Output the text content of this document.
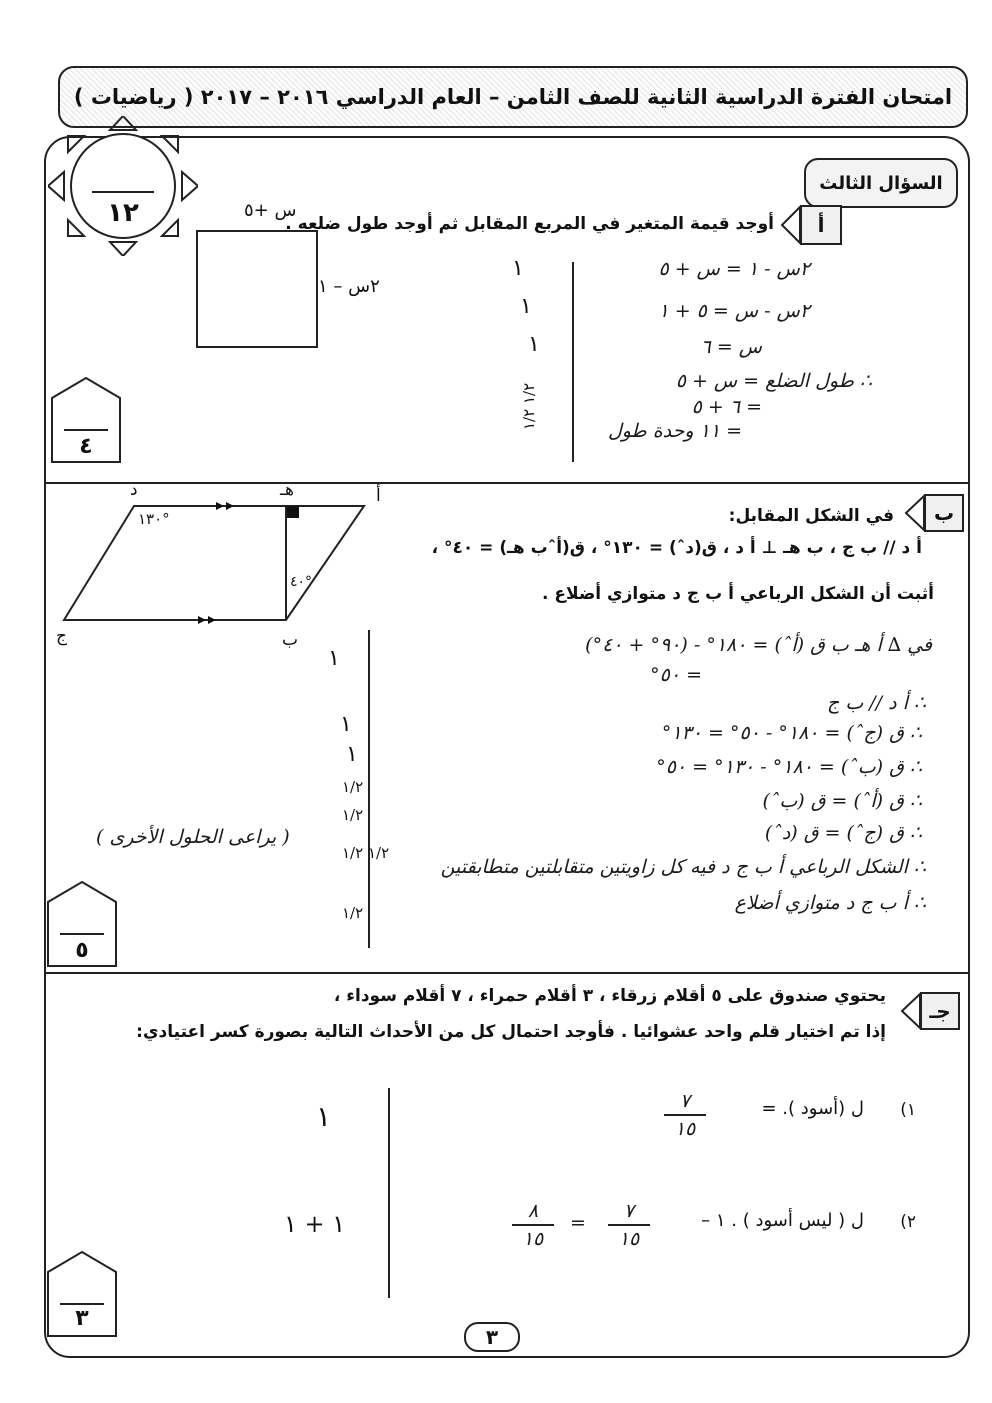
امتحان الفترة الدراسية الثانية للصف الثامن – العام الدراسي ٢٠١٦ – ٢٠١٧ ( رياضيات )
١٢
السؤال الثالث
أ
أوجد قيمة المتغير في المربع المقابل ثم أوجد طول ضلعه .
س +٥
٢س – ١
٢س - ١ = س + ٥
٢س - س = ٥ + ١
س = ٦
∴ طول الضلع = س + ٥
= ٦ + ٥
= ١١ وحدة طول
١
١
١
١/٢ ١/٢
٤
ب
في الشكل المقابل:
أ د // ب ج ، ب هـ ⊥ أ د ، ق(دˆ) = ١٣٠° ، ق(أˆب هـ) = ٤٠° ،
أثبت أن الشكل الرباعي أ ب ج د متوازي أضلاع .
أ
هـ
د
ب
ج
١٣٠°
٤٠°
في ∆ أ هـ ب ق (أˆ) = ١٨٠° - (٩٠° + ٤٠°)
= ٥٠°
∴ أ د // ب ج
∴ ق (جˆ) = ١٨٠° - ٥٠° = ١٣٠°
∴ ق (بˆ) = ١٨٠° - ١٣٠° = ٥٠°
∴ ق (أˆ) = ق (بˆ)
∴ ق (جˆ) = ق (دˆ)
∴ الشكل الرباعي أ ب ج د فيه كل زاويتين متقابلتين متطابقتين
∴ أ ب ج د متوازي أضلاع
( يراعى الحلول الأخرى )
١
١
١
١/٢
١/٢
١/٢ ١/٢
١/٢
٥
جـ
يحتوي صندوق على ٥ أقلام زرقاء ، ٣ أقلام حمراء ، ٧ أقلام سوداء ،
إذا تم اختيار قلم واحد عشوائيا . فأوجد احتمال كل من الأحداث التالية بصورة كسر اعتيادي:
١)
ل (أسود ). =
٧
١٥
١
٢)
ل ( ليس أسود ) . ١ –
٧
١٥
=
٨
١٥
١ + ١
٣
٣
